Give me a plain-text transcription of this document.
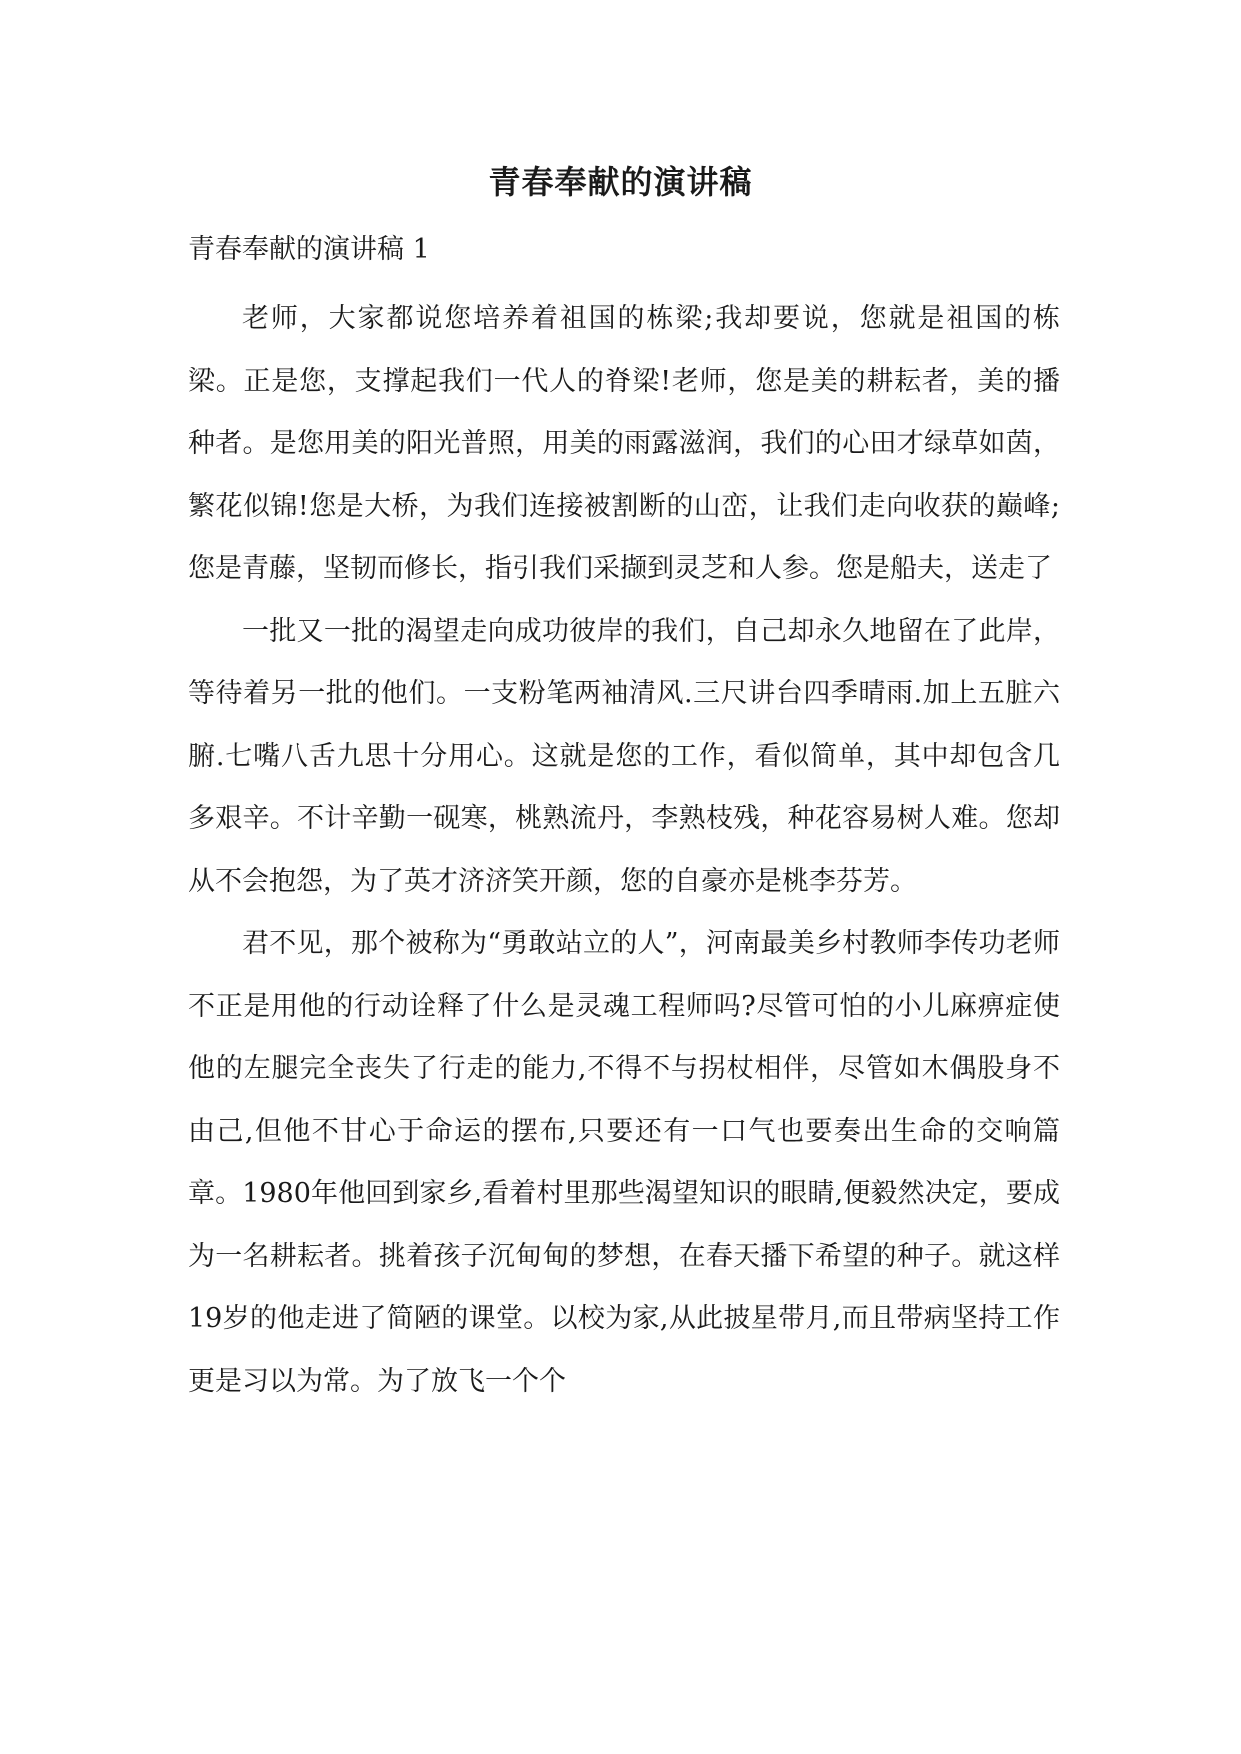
青春奉献的演讲稿
青春奉献的演讲稿 1

老师，大家都说您培养着祖国的栋梁;我却要说，您就是祖国的栋梁。正是您，支撑起我们一代人的脊梁!老师，您是美的耕耘者，美的播种者。是您用美的阳光普照，用美的雨露滋润，我们的心田才绿草如茵，繁花似锦!您是大桥，为我们连接被割断的山峦，让我们走向收获的巅峰;您是青藤，坚韧而修长，指引我们采撷到灵芝和人参。您是船夫，送走了

一批又一批的渴望走向成功彼岸的我们，自己却永久地留在了此岸，等待着另一批的他们。一支粉笔两袖清风.三尺讲台四季晴雨.加上五脏六腑.七嘴八舌九思十分用心。这就是您的工作，看似简单，其中却包含几多艰辛。不计辛勤一砚寒，桃熟流丹，李熟枝残，种花容易树人难。您却从不会抱怨，为了英才济济笑开颜，您的自豪亦是桃李芬芳。

君不见，那个被称为“勇敢站立的人”，河南最美乡村教师李传功老师不正是用他的行动诠释了什么是灵魂工程师吗?尽管可怕的小儿麻痹症使他的左腿完全丧失了行走的能力,不得不与拐杖相伴，尽管如木偶股身不由己,但他不甘心于命运的摆布,只要还有一口气也要奏出生命的交响篇章。1980年他回到家乡,看着村里那些渴望知识的眼睛,便毅然决定，要成为一名耕耘者。挑着孩子沉甸甸的梦想，在春天播下希望的种子。就这样19岁的他走进了简陋的课堂。以校为家,从此披星带月,而且带病坚持工作更是习以为常。为了放飞一个个
